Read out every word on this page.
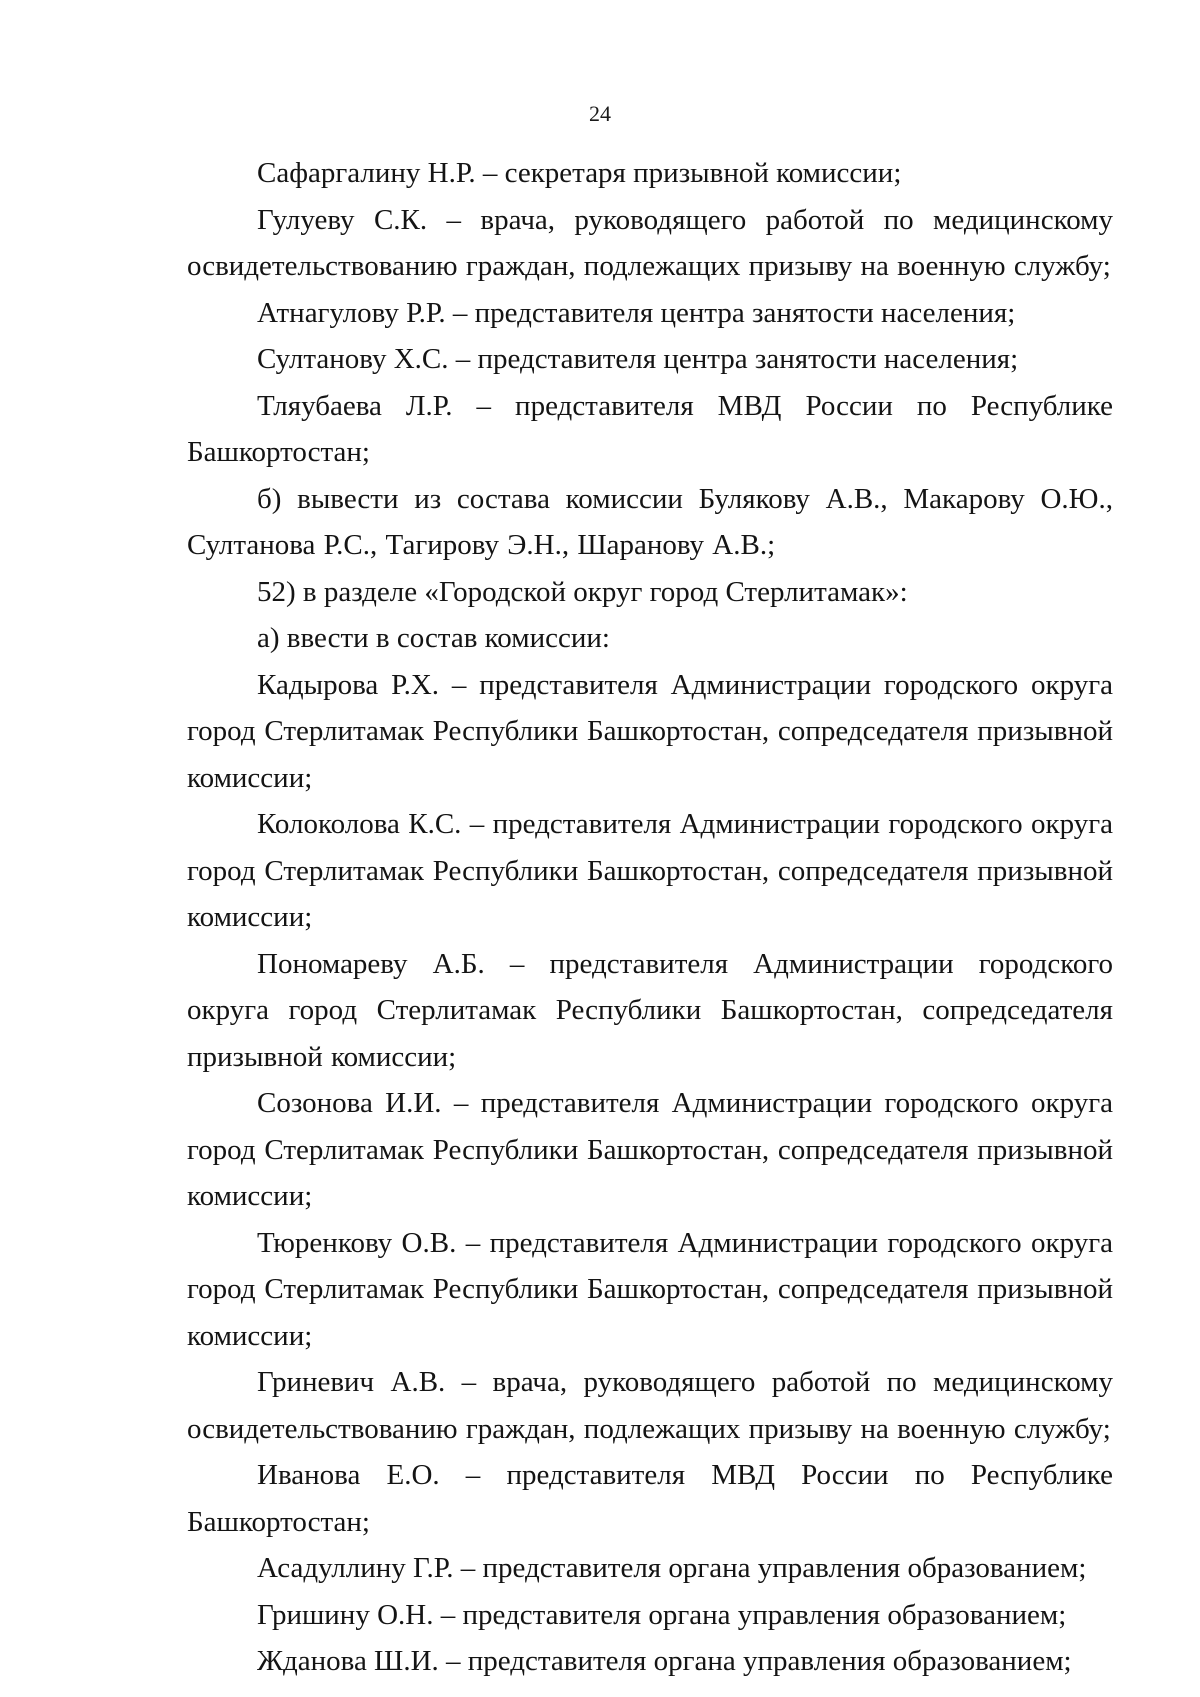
24

Сафаргалину Н.Р. – секретаря призывной комиссии;

Гулуеву С.К. – врача, руководящего работой по медицинскому освидетельствованию граждан, подлежащих призыву на военную службу;

Атнагулову Р.Р. – представителя центра занятости населения;

Султанову Х.С. – представителя центра занятости населения;

Тляубаева Л.Р. – представителя МВД России по Республике Башкортостан;

б) вывести из состава комиссии Булякову А.В., Макарову О.Ю., Султанова Р.С., Тагирову Э.Н., Шаранову А.В.;

52) в разделе «Городской округ город Стерлитамак»:

а) ввести в состав комиссии:

Кадырова Р.Х. – представителя Администрации городского округа город Стерлитамак Республики Башкортостан, сопредседателя призывной комиссии;

Колоколова К.С. – представителя Администрации городского округа город Стерлитамак Республики Башкортостан, сопредседателя призывной комиссии;

Пономареву А.Б. – представителя Администрации городского округа город Стерлитамак Республики Башкортостан, сопредседателя призывной комиссии;

Созонова И.И. – представителя Администрации городского округа город Стерлитамак Республики Башкортостан, сопредседателя призывной комиссии;

Тюренкову О.В. – представителя Администрации городского округа город Стерлитамак Республики Башкортостан, сопредседателя призывной комиссии;

Гриневич А.В. – врача, руководящего работой по медицинскому освидетельствованию граждан, подлежащих призыву на военную службу;

Иванова Е.О. – представителя МВД России по Республике Башкортостан;

Асадуллину Г.Р. – представителя органа управления образованием;

Гришину О.Н. – представителя органа управления образованием;

Жданова Ш.И. – представителя органа управления образованием;
